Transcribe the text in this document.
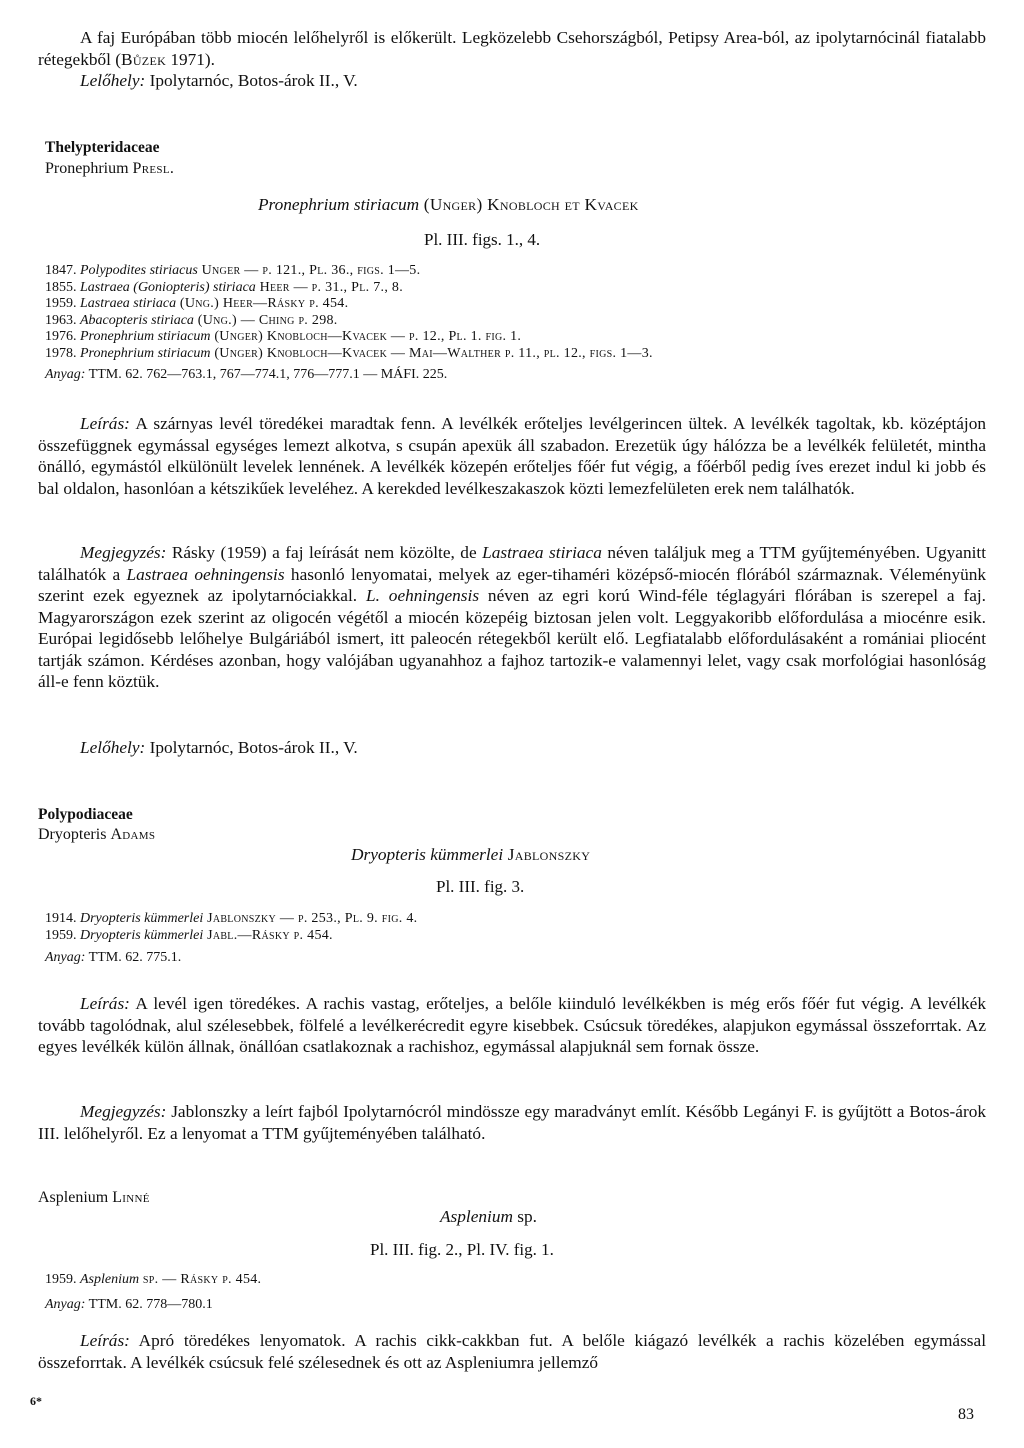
A faj Európában több miocén lelőhelyről is előkerült. Legközelebb Csehországból, Petipsy Area-ból, az ipolytarnócinál fiatalabb rétegekből (Bůzek 1971).
Lelőhely: Ipolytarnóc, Botos-árok II., V.

Thelypteridaceae
Pronephrium Presl.
Pronephrium stiriacum (Unger) Knobloch et Kvacek
Pl. III. figs. 1., 4.
1847. Polypodites stiriacus Unger — p. 121., Pl. 36., figs. 1—5.
1855. Lastraea (Goniopteris) stiriaca Heer — p. 31., Pl. 7., 8.
1959. Lastraea stiriaca (Ung.) Heer—Rásky p. 454.
1963. Abacopteris stiriaca (Ung.) — Ching p. 298.
1976. Pronephrium stiriacum (Unger) Knobloch—Kvacek — p. 12., Pl. 1. fig. 1.
1978. Pronephrium stiriacum (Unger) Knobloch—Kvacek — Mai—Walther p. 11., pl. 12., figs. 1—3.
Anyag: TTM. 62. 762—763.1, 767—774.1, 776—777.1 — MÁFI. 225.

Leírás: A szárnyas levél töredékei maradtak fenn. A levélkék erőteljes levélgerincen ültek. A levélkék tagoltak, kb. középtájon összefüggnek egymással egységes lemezt alkotva, s csupán apexük áll szabadon. Erezetük úgy hálózza be a levélkék felületét, mintha önálló, egymástól elkülönült levelek lennének. A levélkék közepén erőteljes főér fut végig, a főérből pedig íves erezet indul ki jobb és bal oldalon, hasonlóan a kétszikűek leveléhez. A kerekded levélkeszakaszok közti lemezfelületen erek nem találhatók.

Megjegyzés: Rásky (1959) a faj leírását nem közölte, de Lastraea stiriaca néven találjuk meg a TTM gyűjteményében. Ugyanitt találhatók a Lastraea oehningensis hasonló lenyomatai, melyek az eger-tihaméri középső-miocén flórából származnak. Véleményünk szerint ezek egyeznek az ipolytarnóciakkal. L. oehningensis néven az egri korú Wind-féle téglagyári flórában is szerepel a faj. Magyarországon ezek szerint az oligocén végétől a miocén közepéig biztosan jelen volt. Leggyakoribb előfordulása a miocénre esik. Európai legidősebb lelőhelye Bulgáriából ismert, itt paleocén rétegekből került elő. Legfiatalabb előfordulásaként a romániai pliocént tartják számon. Kérdéses azonban, hogy valójában ugyanahhoz a fajhoz tartozik-e valamennyi lelet, vagy csak morfológiai hasonlóság áll-e fenn köztük.

Lelőhely: Ipolytarnóc, Botos-árok II., V.

Polypodiaceae
Dryopteris Adams
Dryopteris kümmerlei Jablonszky
Pl. III. fig. 3.
1914. Dryopteris kümmerlei Jablonszky — p. 253., Pl. 9. fig. 4.
1959. Dryopteris kümmerlei Jabl.—Rásky p. 454.
Anyag: TTM. 62. 775.1.

Leírás: A levél igen töredékes. A rachis vastag, erőteljes, a belőle kiinduló levélkékben is még erős főér fut végig. A levélkék tovább tagolódnak, alul szélesebbek, fölfelé a levélkerécredit egyre kisebbek. Csúcsuk töredékes, alapjukon egymással összeforrtak. Az egyes levélkék külön állnak, önállóan csatlakoznak a rachishoz, egymással alapjuknál sem fornak össze.

Megjegyzés: Jablonszky a leírt fajból Ipolytarnócról mindössze egy maradványt említ. Később Legányi F. is gyűjtött a Botos-árok III. lelőhelyről. Ez a lenyomat a TTM gyűjteményében található.

Asplenium Linné
Asplenium sp.
Pl. III. fig. 2., Pl. IV. fig. 1.
1959. Asplenium sp. — Rásky p. 454.
Anyag: TTM. 62. 778—780.1

Leírás: Apró töredékes lenyomatok. A rachis cikk-cakkban fut. A belőle kiágazó levélkék a rachis közelében egymással összeforrtak. A levélkék csúcsuk felé szélesednek és ott az Aspleniumra jellemző

6*
83
